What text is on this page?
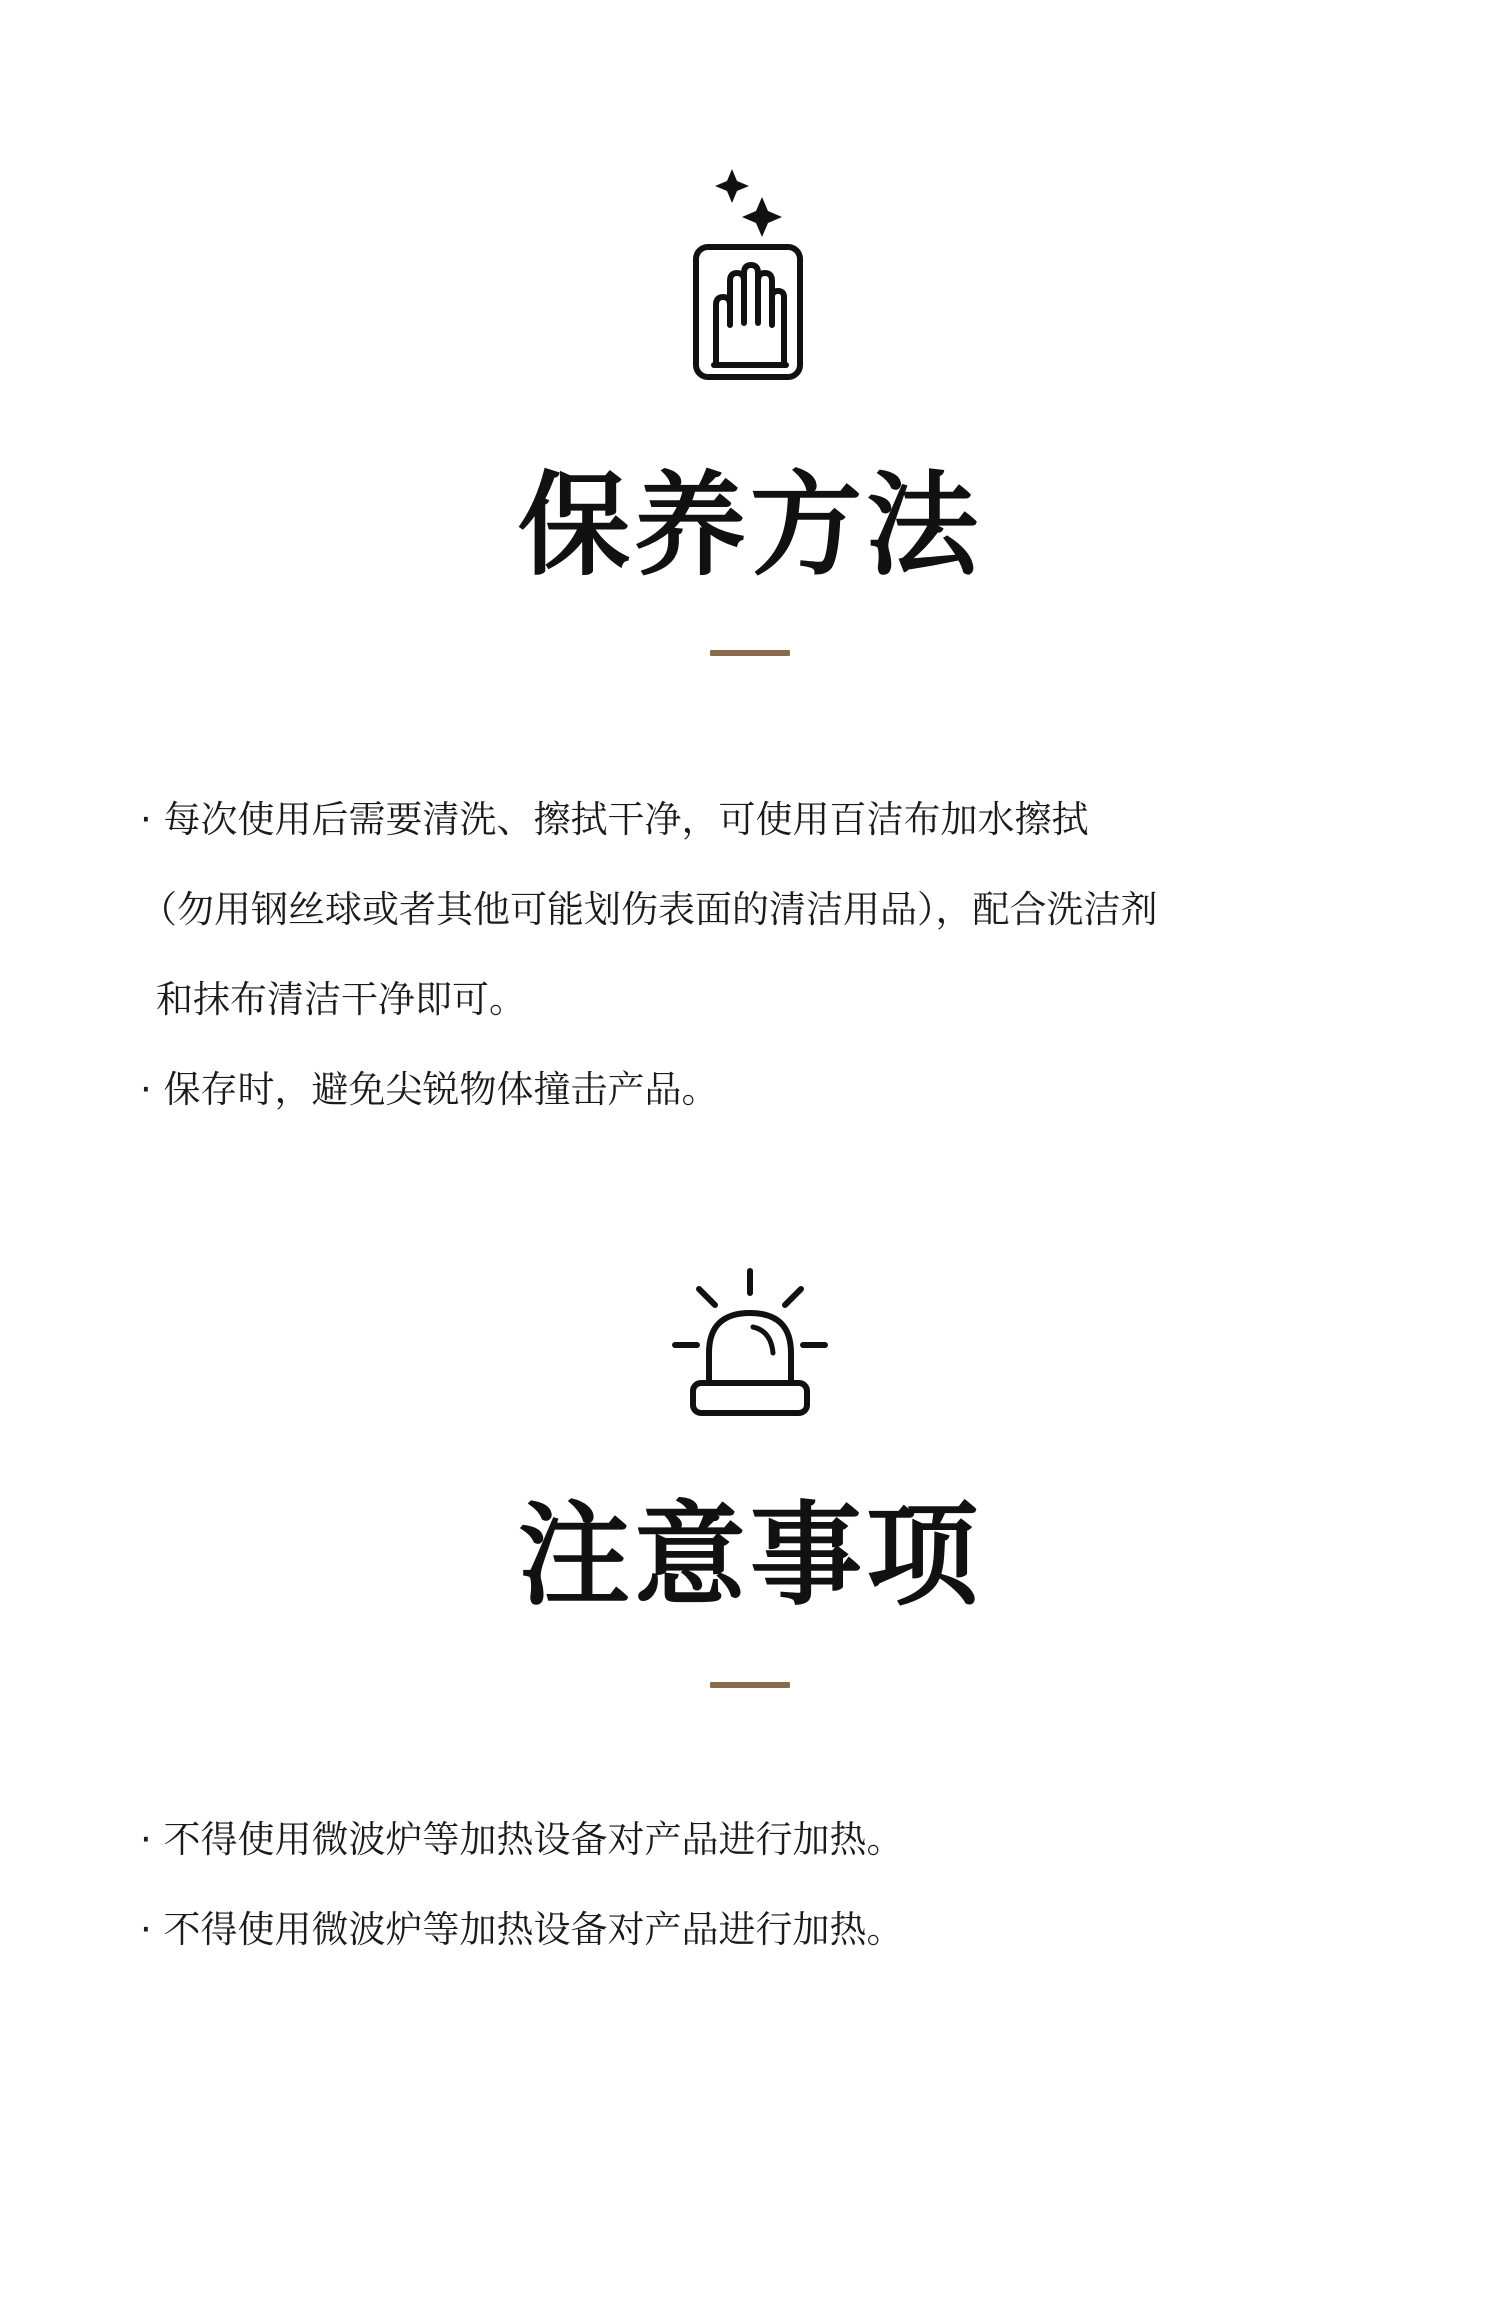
保养方法
· 每次使用后需要清洗、擦拭干净，可使用百洁布加水擦拭
（勿用钢丝球或者其他可能划伤表面的清洁用品），配合洗洁剂
和抹布清洁干净即可。
· 保存时，避免尖锐物体撞击产品。
注意事项
· 不得使用微波炉等加热设备对产品进行加热。
· 不得使用微波炉等加热设备对产品进行加热。
